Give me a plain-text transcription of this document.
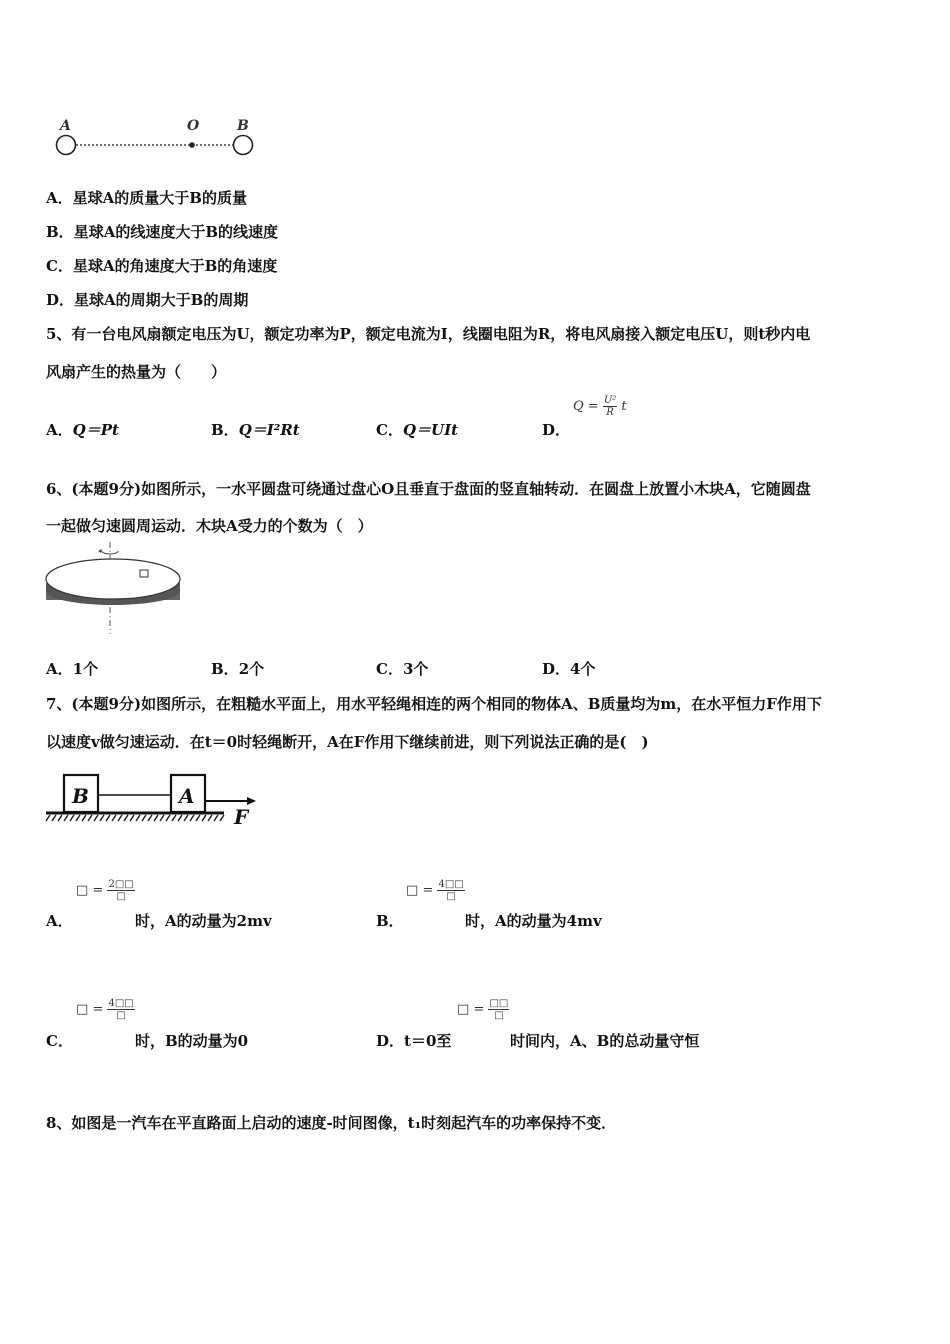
A	O	B
A．星球A的质量大于B的质量
B．星球A的线速度大于B的线速度
C．星球A的角速度大于B的角速度
D．星球A的周期大于B的周期
5、有一台电风扇额定电压为U，额定功率为P，额定电流为I，线圈电阻为R，将电风扇接入额定电压U，则t秒内电
风扇产生的热量为（　　）
A．Q＝Pt	B．Q＝I²Rt	C．Q＝UIt	D．
$Q = \frac{\text{U²}}{R}$ t
6、(本题9分)如图所示，一水平圆盘可绕通过盘心O且垂直于盘面的竖直轴转动．在圆盘上放置小木块A，它随圆盘
一起做匀速圆周运动．木块A受力的个数为（　）
A．1个	B．2个	C．3个	D．4个
7、(本题9分)如图所示，在粗糙水平面上，用水平轻绳相连的两个相同的物体A、B质量均为m，在水平恒力F作用下
以速度v做匀速运动．在t＝0时轻绳断开，A在F作用下继续前进，则下列说法正确的是(　)
B	A
F
□ = $\frac{2□□}{□}$
A．	时，A的动量为2mv
□ = $\frac{4□□}{□}$
B．	时，A的动量为4mv
□ = $\frac{4□□}{□}$
C．	时，B的动量为0
□ = $\frac{□□}{□}$
D．t＝0至	时间内，A、B的总动量守恒
8、如图是一汽车在平直路面上启动的速度-时间图像，t₁时刻起汽车的功率保持不变．
